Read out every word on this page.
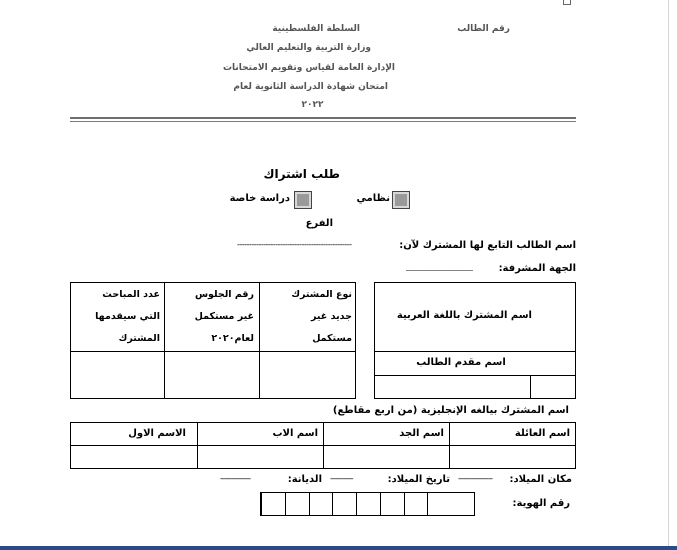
رقم الطالب
السلطة الفلسطينية
وزارة التربية والتعليم العالي
الإدارة العامة لقياس وتقويم الامتحانات
امتحان شهادة الدراسة الثانوية لعام
٢٠٢٢
طلب اشتراك
نظامي
دراسة خاصة
الفرع
اسم الطالب التابع لها المشترك لآن:
------------------------------------------------
الجهة المشرفة:
______________________
نوع المشترك
جديد غير
مستكمل
رقم الجلوس
غير مستكمل
لعام٢٠٢٠
عدد المباحث
التي سيقدمها
المشترك
اسم المشترك باللغة العربية
اسم مقدم الطالب
اسم المشترك بيالغه الإنجليزية (من اربع مقاطع)
اسم العائلة
اسم الجد
اسم الاب
الاسم الاول
مكان الميلاد:
------------------
تاريخ الميلاد:
------------
الديانة:
----------------
رقم الهوية:
